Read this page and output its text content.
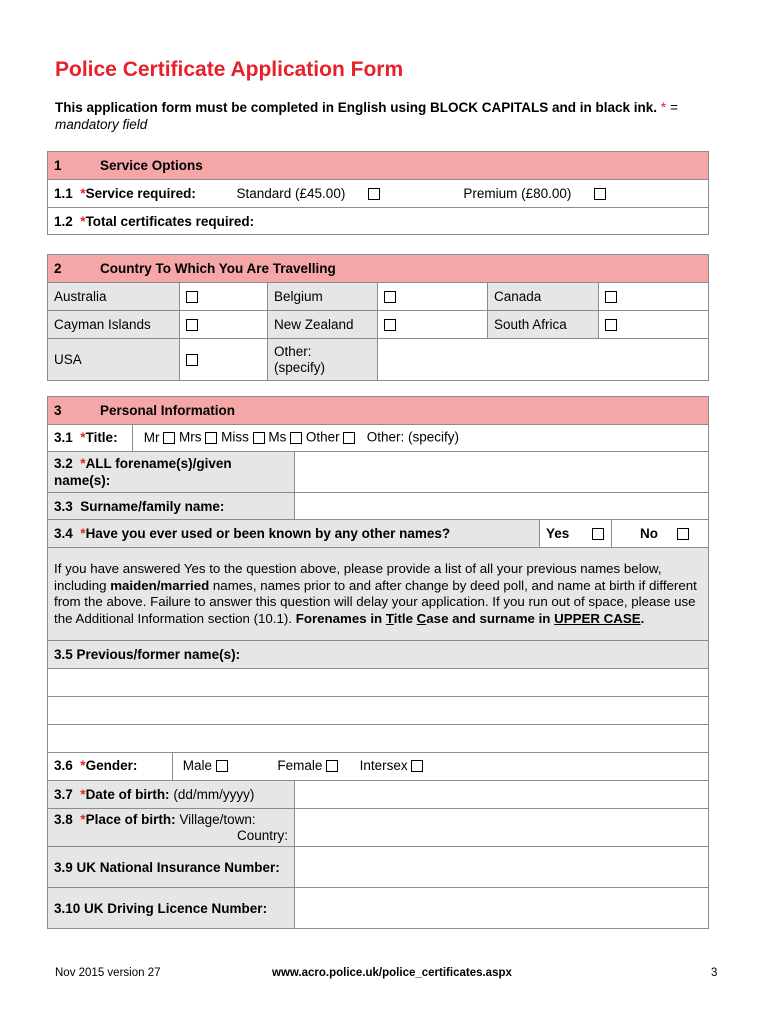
Police Certificate Application Form
This application form must be completed in English using BLOCK CAPITALS and in black ink. * = mandatory field
1	Service Options
1.1 *Service required:	Standard (£45.00)	Premium (£80.00)
1.2 *Total certificates required:
2 Country To Which You Are Travelling					
Australia		Belgium		Canada	
Cayman Islands		New Zealand		South Africa	
USA		Other:
(specify)			
3 Personal Information			
3.1 *Title: Mr Mrs Miss Ms Other Other: (specify)			
3.2 *ALL forename(s)/given name(s):			
3.3 Surname/family name:			
3.4 *Have you ever used or been known by any other names?		Yes	No
If you have answered Yes to the question above, please provide a list of all your previous names below, including maiden/married names, names prior to and after change by deed poll, and name at birth if different from the above. Failure to answer this question will delay your application. If you run out of space, please use the Additional Information section (10.1). Forenames in Title Case and surname in UPPER CASE.			
3.5 Previous/former name(s):			

3.6 *Gender: Male Female Intersex			
3.7 *Date of birth: (dd/mm/yyyy)			
3.8 *Place of birth: Village/town:

Country:			

3.9 UK National Insurance Number:			
3.10 UK Driving Licence Number:			
Nov 2015 version 27	www.acro.police.uk/police_certificates.aspx	3
